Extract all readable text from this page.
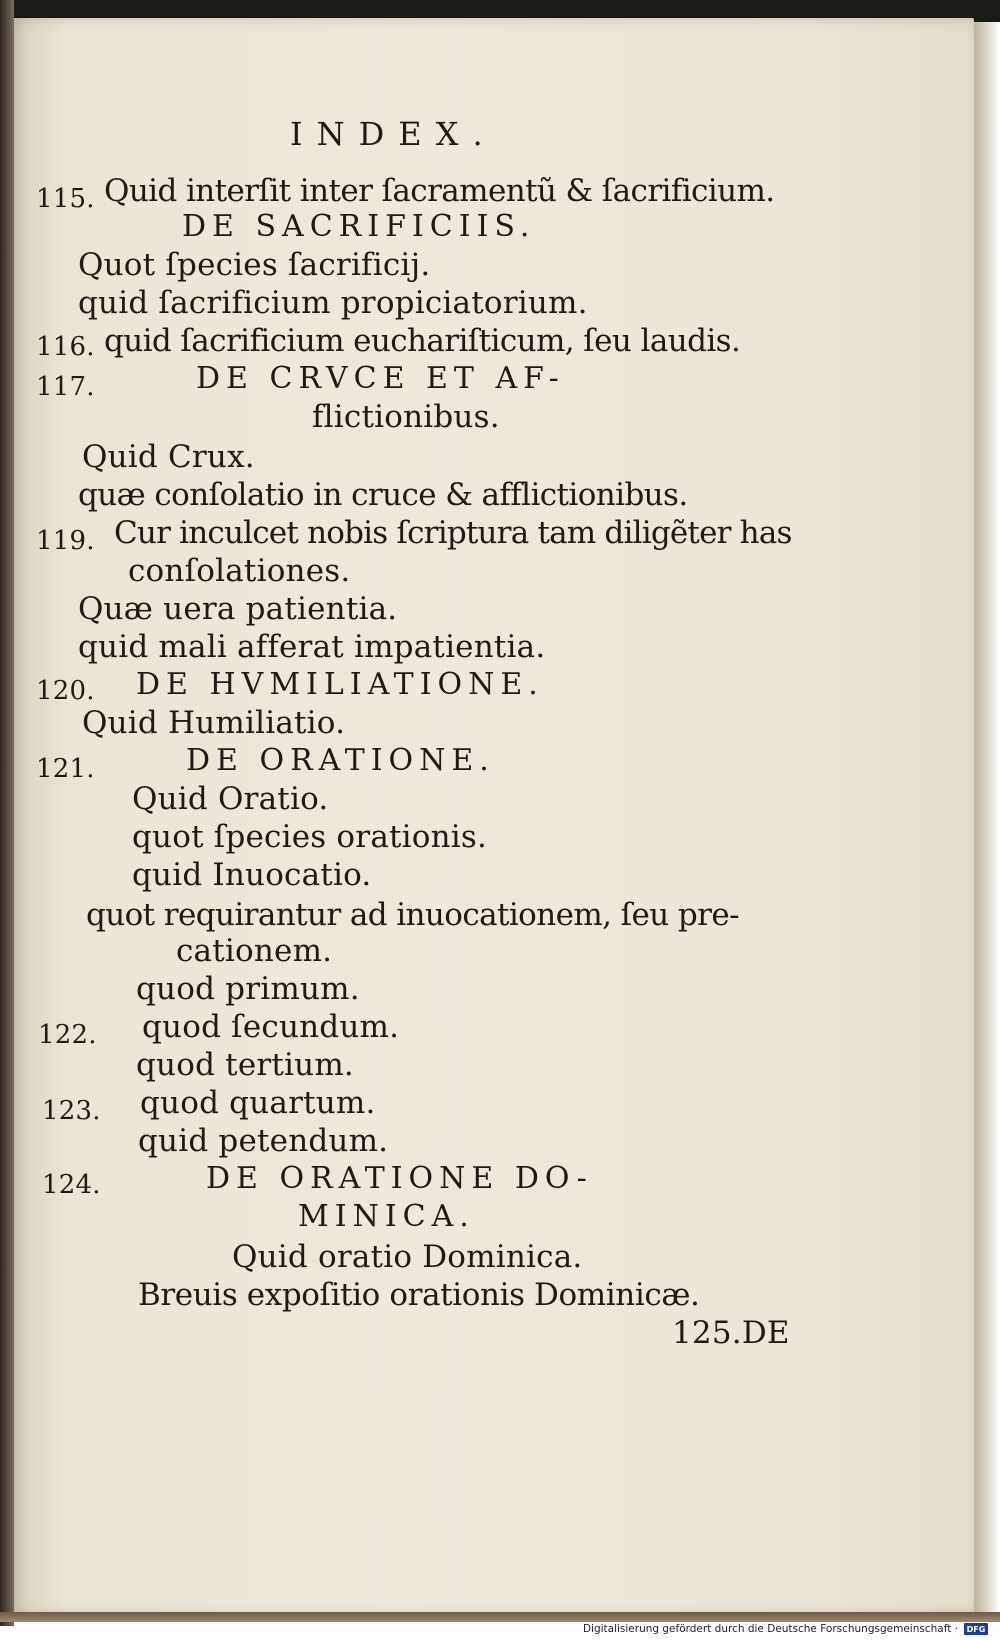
INDEX.
115. Quid interſit inter ſacramentũ & ſacrificium.
DE SACRIFICIIS.
Quot ſpecies ſacrificij.
quid ſacrificium propiciatorium.
116. quid ſacrificium euchariſticum, ſeu laudis.
117.	DE CRVCE ET AF-
flictionibus.
Quid Crux.
quæ conſolatio in cruce & afflictionibus.
119. Cur inculcet nobis ſcriptura tam diligẽter has
conſolationes.
Quæ uera patientia.
quid mali afferat impatientia.
120. DE HVMILIATIONE.
Quid Humiliatio.
121.	DE ORATIONE.
Quid Oratio.
quot ſpecies orationis.
quid Inuocatio.
quot requirantur ad inuocationem, ſeu pre-
cationem.
quod primum.
122. quod ſecundum.
quod tertium.
123. quod quartum.
quid petendum.
124.	DE ORATIONE DO-
MINICA.
Quid oratio Dominica.
Breuis expoſitio orationis Dominicæ.
125.DE
Digitalisierung gefördert durch die Deutsche Forschungsgemeinschaft ·	DFG
